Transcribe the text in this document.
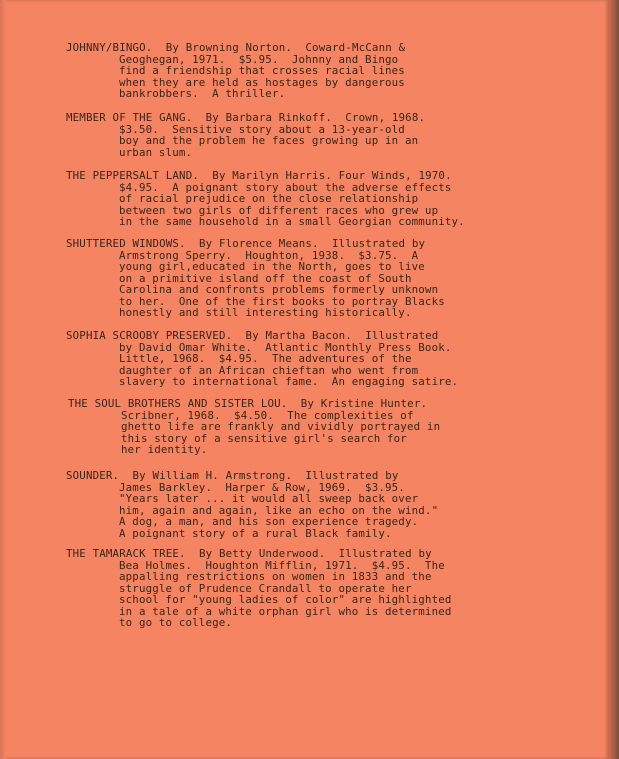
JOHNNY/BINGO.  By Browning Norton.  Coward-McCann &
Geoghegan, 1971.  $5.95.  Johnny and Bingo
find a friendship that crosses racial lines
when they are held as hostages by dangerous
bankrobbers.  A thriller.
MEMBER OF THE GANG.  By Barbara Rinkoff.  Crown, 1968.
$3.50.  Sensitive story about a 13-year-old
boy and the problem he faces growing up in an
urban slum.
THE PEPPERSALT LAND.  By Marilyn Harris. Four Winds, 1970.
$4.95.  A poignant story about the adverse effects
of racial prejudice on the close relationship
between two girls of different races who grew up
in the same household in a small Georgian community.
SHUTTERED WINDOWS.  By Florence Means.  Illustrated by
Armstrong Sperry.  Houghton, 1938.  $3.75.  A
young girl,educated in the North, goes to live
on a primitive island off the coast of South
Carolina and confronts problems formerly unknown
to her.  One of the first books to portray Blacks
honestly and still interesting historically.
SOPHIA SCROOBY PRESERVED.  By Martha Bacon.  Illustrated
by David Omar White.  Atlantic Monthly Press Book.
Little, 1968.  $4.95.  The adventures of the
daughter of an African chieftan who went from
slavery to international fame.  An engaging satire.
THE SOUL BROTHERS AND SISTER LOU.  By Kristine Hunter.
Scribner, 1968.  $4.50.  The complexities of
ghetto life are frankly and vividly portrayed in
this story of a sensitive girl's search for
her identity.
SOUNDER.  By William H. Armstrong.  Illustrated by
James Barkley.  Harper & Row, 1969.  $3.95.
"Years later ... it would all sweep back over
him, again and again, like an echo on the wind."
A dog, a man, and his son experience tragedy.
A poignant story of a rural Black family.
THE TAMARACK TREE.  By Betty Underwood.  Illustrated by
Bea Holmes.  Houghton Mifflin, 1971.  $4.95.  The
appalling restrictions on women in 1833 and the
struggle of Prudence Crandall to operate her
school for "young ladies of color" are highlighted
in a tale of a white orphan girl who is determined
to go to college.
